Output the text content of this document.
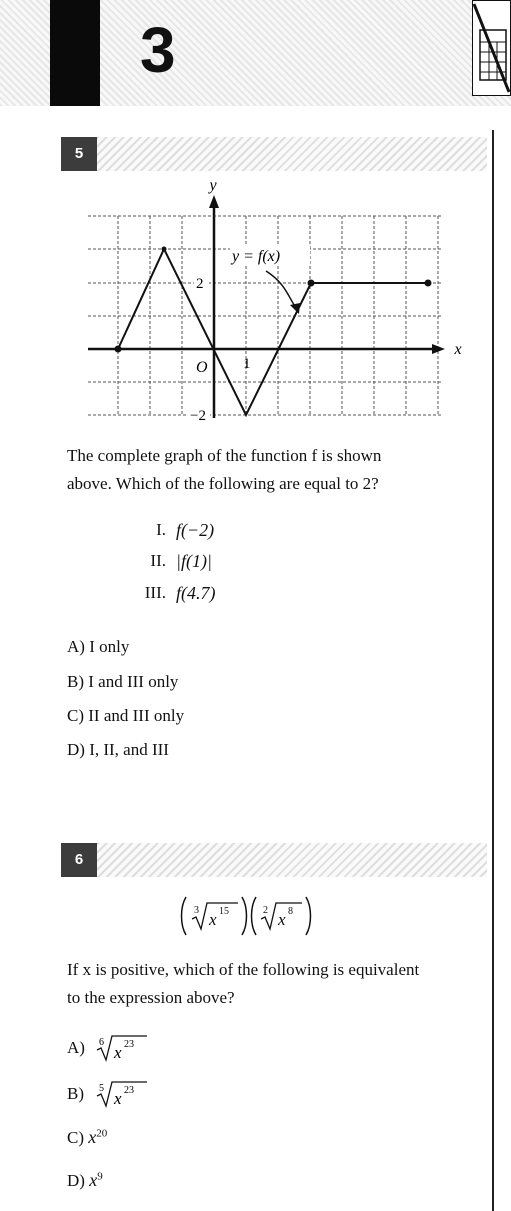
3
5
y
x
y = f(x)
2
−2
1
O
The complete graph of the function f is shown
above. Which of the following are equal to 2?
I. f(−2)
II. |f(1)|
III. f(4.7)
A) I only
B) I and III only
C) II and III only
D) I, II, and III
6
3 x 15	2 x 8
If x is positive, which of the following is equivalent
to the expression above?
A) 6
x 23
B) 5
x 23
C) $x^{20}$
D) $x^9$
